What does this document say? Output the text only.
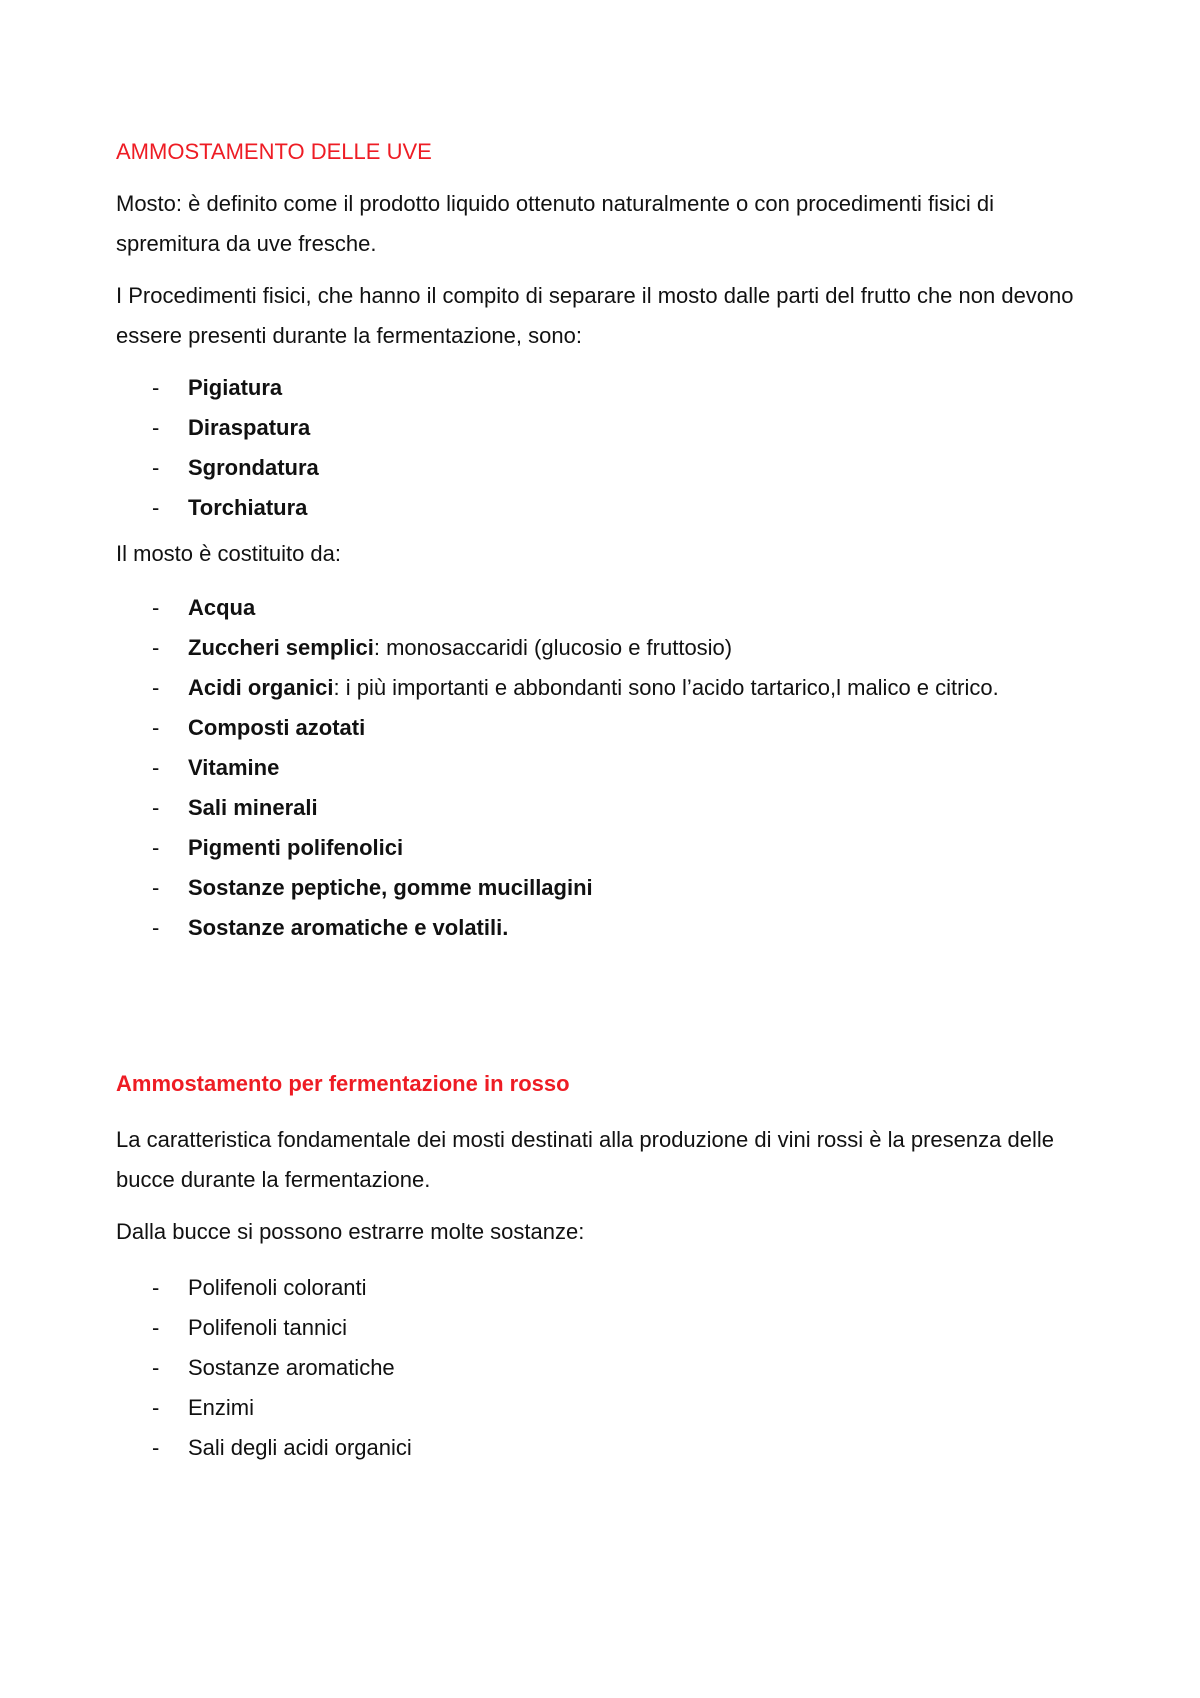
AMMOSTAMENTO DELLE UVE

Mosto: è definito come il prodotto liquido ottenuto naturalmente o con procedimenti fisici di spremitura da uve fresche.

I Procedimenti fisici, che hanno il compito di separare il mosto dalle parti del frutto che non devono essere presenti durante la fermentazione, sono:

- Pigiatura
- Diraspatura
- Sgrondatura
- Torchiatura

Il mosto è costituito da:

- Acqua
- Zuccheri semplici: monosaccaridi (glucosio e fruttosio)
- Acidi organici: i più importanti e abbondanti sono l’acido tartarico,l malico e citrico.
- Composti azotati
- Vitamine
- Sali minerali
- Pigmenti polifenolici
- Sostanze peptiche, gomme mucillagini
- Sostanze aromatiche e volatili.

Ammostamento per fermentazione in rosso

La caratteristica fondamentale dei mosti destinati alla produzione di vini rossi è la presenza delle bucce durante la fermentazione.

Dalla bucce si possono estrarre molte sostanze:

- Polifenoli coloranti
- Polifenoli tannici
- Sostanze aromatiche
- Enzimi
- Sali degli acidi organici
